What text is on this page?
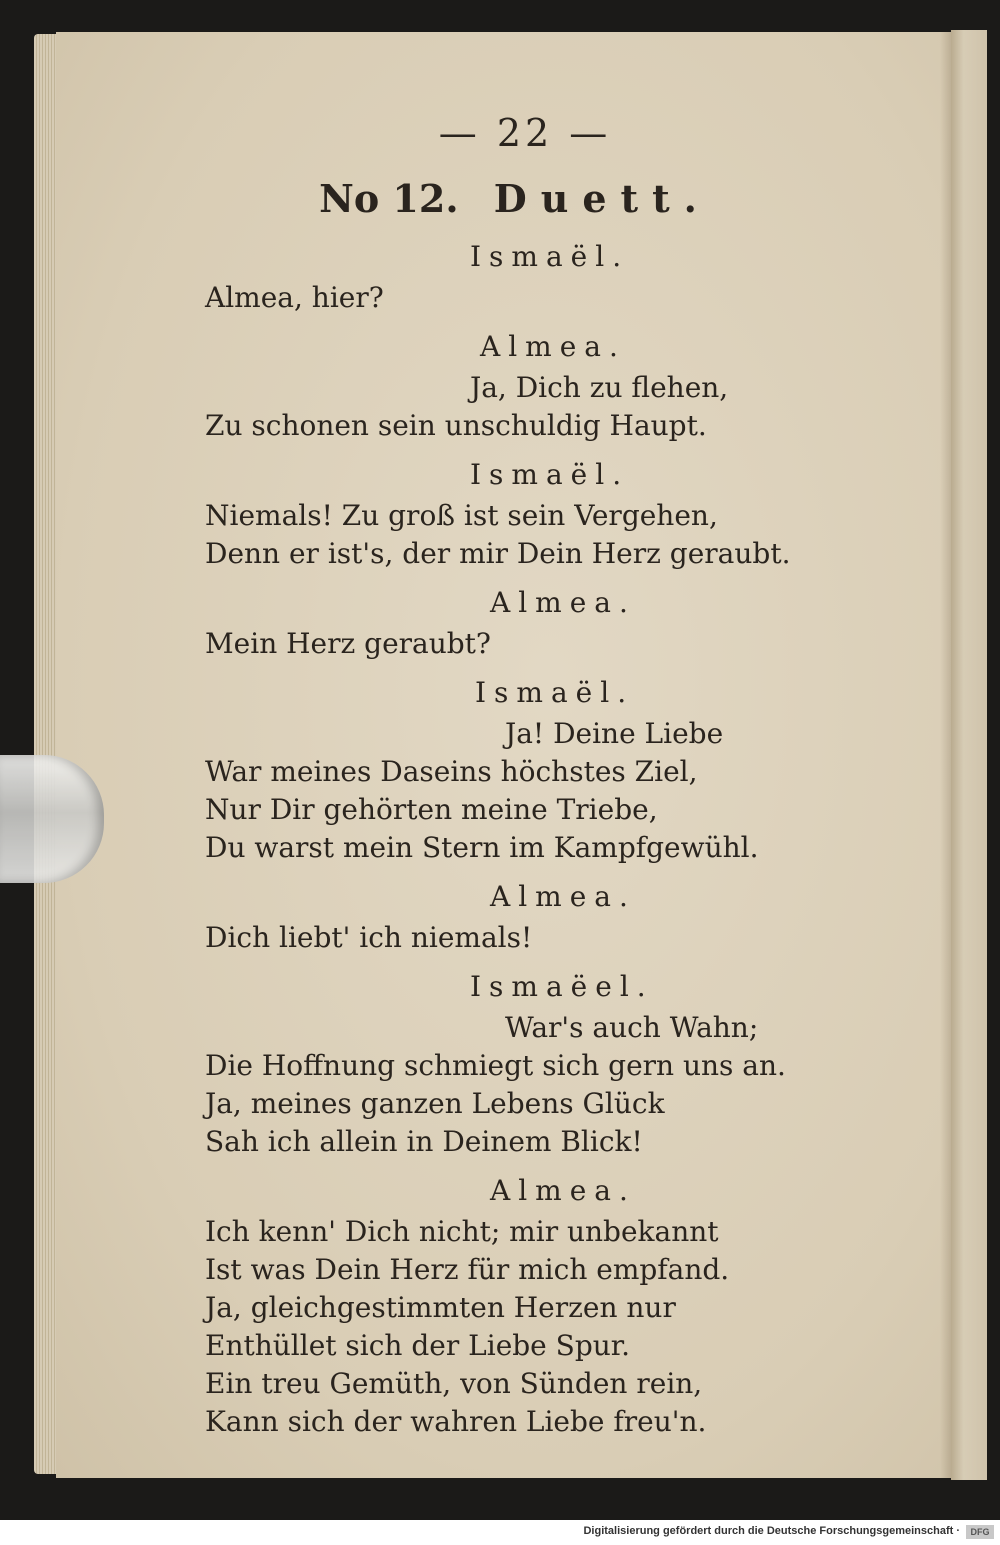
— 22 —
No 12. Duett.
Ismaël.
Almea, hier?
Almea.
Ja, Dich zu flehen,
Zu schonen sein unschuldig Haupt.
Ismaël.
Niemals! Zu groß ist sein Vergehen,
Denn er ist's, der mir Dein Herz geraubt.
Almea.
Mein Herz geraubt?
Ismaël.
Ja! Deine Liebe
War meines Daseins höchstes Ziel,
Nur Dir gehörten meine Triebe,
Du warst mein Stern im Kampfgewühl.
Almea.
Dich liebt' ich niemals!
Ismaëel.
War's auch Wahn;
Die Hoffnung schmiegt sich gern uns an.
Ja, meines ganzen Lebens Glück
Sah ich allein in Deinem Blick!
Almea.
Ich kenn' Dich nicht; mir unbekannt
Ist was Dein Herz für mich empfand.
Ja, gleichgestimmten Herzen nur
Enthüllet sich der Liebe Spur.
Ein treu Gemüth, von Sünden rein,
Kann sich der wahren Liebe freu'n.
Digitalisierung gefördert durch die Deutsche Forschungsgemeinschaft ·	DFG
